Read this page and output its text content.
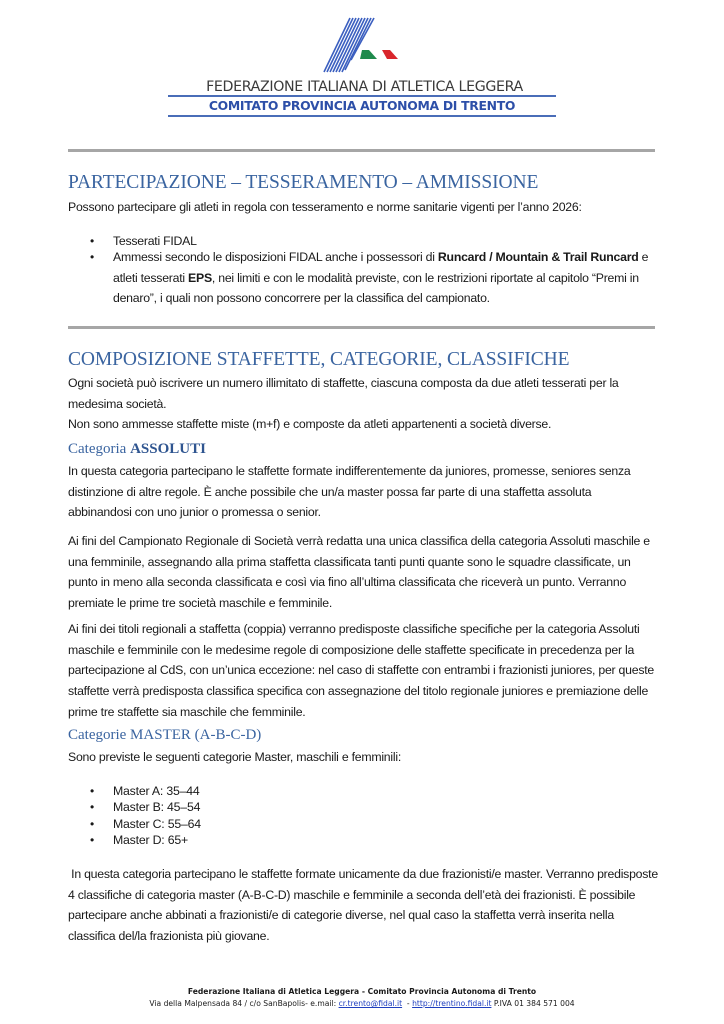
FEDERAZIONE ITALIANA DI ATLETICA LEGGERA
COMITATO PROVINCIA AUTONOMA DI TRENTO
PARTECIPAZIONE – TESSERAMENTO – AMMISSIONE
Possono partecipare gli atleti in regola con tesseramento e norme sanitarie vigenti per l’anno 2026:
• Tesserati FIDAL
• Ammessi secondo le disposizioni FIDAL anche i possessori di Runcard / Mountain & Trail Runcard e atleti tesserati EPS, nei limiti e con le modalità previste, con le restrizioni riportate al capitolo “Premi in denaro”, i quali non possono concorrere per la classifica del campionato.
COMPOSIZIONE STAFFETTE, CATEGORIE, CLASSIFICHE
Ogni società può iscrivere un numero illimitato di staffette, ciascuna composta da due atleti tesserati per la medesima società.
Non sono ammesse staffette miste (m+f) e composte da atleti appartenenti a società diverse.
Categoria ASSOLUTI
In questa categoria partecipano le staffette formate indifferentemente da juniores, promesse, seniores senza distinzione di altre regole. È anche possibile che un/a master possa far parte di una staffetta assoluta abbinandosi con uno junior o promessa o senior.
Ai fini del Campionato Regionale di Società verrà redatta una unica classifica della categoria Assoluti maschile e una femminile, assegnando alla prima staffetta classificata tanti punti quante sono le squadre classificate, un punto in meno alla seconda classificata e così via fino all’ultima classificata che riceverà un punto. Verranno premiate le prime tre società maschile e femminile.
Ai fini dei titoli regionali a staffetta (coppia) verranno predisposte classifiche specifiche per la categoria Assoluti maschile e femminile con le medesime regole di composizione delle staffette specificate in precedenza per la partecipazione al CdS, con un’unica eccezione: nel caso di staffette con entrambi i frazionisti juniores, per queste staffette verrà predisposta classifica specifica con assegnazione del titolo regionale juniores e premiazione delle prime tre staffette sia maschile che femminile.
Categorie MASTER (A-B-C-D)
Sono previste le seguenti categorie Master, maschili e femminili:
• Master A: 35–44
• Master B: 45–54
• Master C: 55–64
• Master D: 65+
In questa categoria partecipano le staffette formate unicamente da due frazionisti/e master. Verranno predisposte 4 classifiche di categoria master (A-B-C-D) maschile e femminile a seconda dell’età dei frazionisti. È possibile partecipare anche abbinati a frazionisti/e di categorie diverse, nel qual caso la staffetta verrà inserita nella classifica del/la frazionista più giovane.
Federazione Italiana di Atletica Leggera - Comitato Provincia Autonoma di Trento
Via della Malpensada 84 / c/o SanBapolis- e.mail: cr.trento@fidal.it  - http://trentino.fidal.it P.IVA 01 384 571 004
